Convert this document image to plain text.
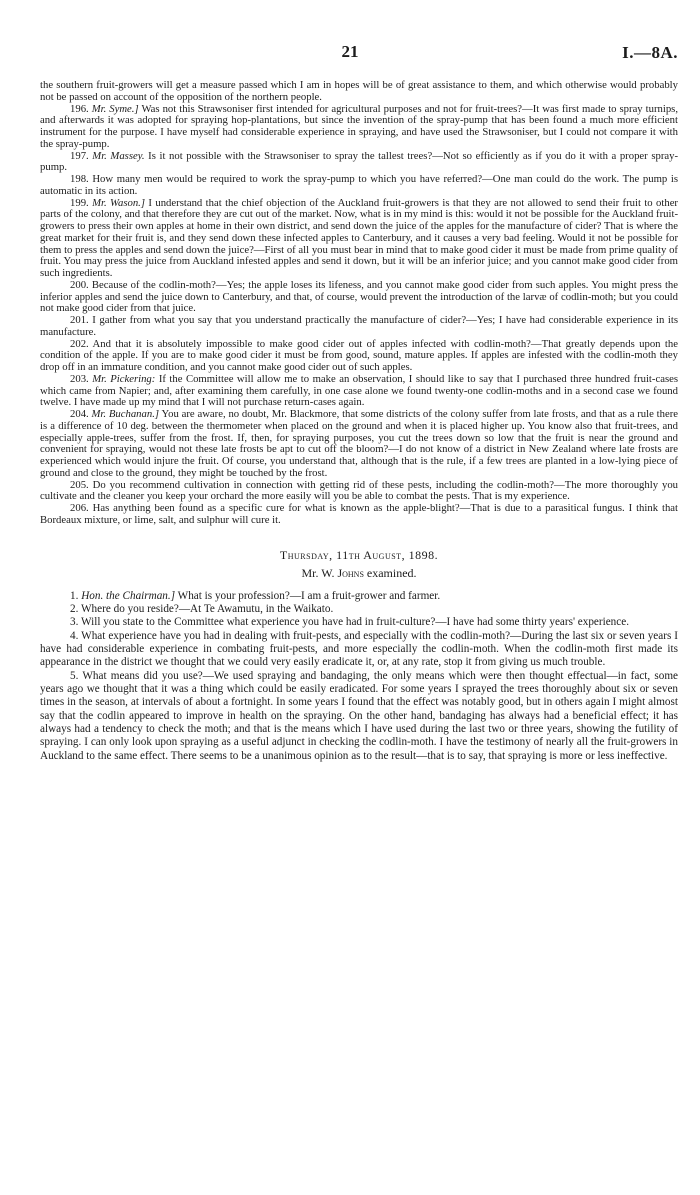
21	I.—8A.

the southern fruit-growers will get a measure passed which I am in hopes will be of great assistance to them, and which otherwise would probably not be passed on account of the opposition of the northern people.

196. Mr. Syme.] Was not this Strawsoniser first intended for agricultural purposes and not for fruit-trees?—It was first made to spray turnips, and afterwards it was adopted for spraying hop-plantations, but since the invention of the spray-pump that has been found a much more efficient instrument for the purpose. I have myself had considerable experience in spraying, and have used the Strawsoniser, but I could not compare it with the spray-pump.

197. Mr. Massey. Is it not possible with the Strawsoniser to spray the tallest trees?—Not so efficiently as if you do it with a proper spray-pump.

198. How many men would be required to work the spray-pump to which you have referred?—One man could do the work. The pump is automatic in its action.

199. Mr. Wason.] I understand that the chief objection of the Auckland fruit-growers is that they are not allowed to send their fruit to other parts of the colony, and that therefore they are cut out of the market. Now, what is in my mind is this: would it not be possible for the Auckland fruit-growers to press their own apples at home in their own district, and send down the juice of the apples for the manufacture of cider? That is where the great market for their fruit is, and they send down these infected apples to Canterbury, and it causes a very bad feeling. Would it not be possible for them to press the apples and send down the juice?—First of all you must bear in mind that to make good cider it must be made from prime quality of fruit. You may press the juice from Auckland infested apples and send it down, but it will be an inferior juice; and you cannot make good cider from such ingredients.

200. Because of the codlin-moth?—Yes; the apple loses its lifeness, and you cannot make good cider from such apples. You might press the inferior apples and send the juice down to Canterbury, and that, of course, would prevent the introduction of the larvæ of codlin-moth; but you could not make good cider from that juice.

201. I gather from what you say that you understand practically the manufacture of cider?—Yes; I have had considerable experience in its manufacture.

202. And that it is absolutely impossible to make good cider out of apples infected with codlin-moth?—That greatly depends upon the condition of the apple. If you are to make good cider it must be from good, sound, mature apples. If apples are infested with the codlin-moth they drop off in an immature condition, and you cannot make good cider out of such apples.

203. Mr. Pickering: If the Committee will allow me to make an observation, I should like to say that I purchased three hundred fruit-cases which came from Napier; and, after examining them carefully, in one case alone we found twenty-one codlin-moths and in a second case we found twelve. I have made up my mind that I will not purchase return-cases again.

204. Mr. Buchanan.] You are aware, no doubt, Mr. Blackmore, that some districts of the colony suffer from late frosts, and that as a rule there is a difference of 10 deg. between the thermometer when placed on the ground and when it is placed higher up. You know also that fruit-trees, and especially apple-trees, suffer from the frost. If, then, for spraying purposes, you cut the trees down so low that the fruit is near the ground and convenient for spraying, would not these late frosts be apt to cut off the bloom?—I do not know of a district in New Zealand where late frosts are experienced which would injure the fruit. Of course, you understand that, although that is the rule, if a few trees are planted in a low-lying piece of ground and close to the ground, they might be touched by the frost.

205. Do you recommend cultivation in connection with getting rid of these pests, including the codlin-moth?—The more thoroughly you cultivate and the cleaner you keep your orchard the more easily will you be able to combat the pests. That is my experience.

206. Has anything been found as a specific cure for what is known as the apple-blight?—That is due to a parasitical fungus. I think that Bordeaux mixture, or lime, salt, and sulphur will cure it.

Thursday, 11th August, 1898.
Mr. W. Johns examined.

1. Hon. the Chairman.] What is your profession?—I am a fruit-grower and farmer.

2. Where do you reside?—At Te Awamutu, in the Waikato.

3. Will you state to the Committee what experience you have had in fruit-culture?—I have had some thirty years' experience.

4. What experience have you had in dealing with fruit-pests, and especially with the codlin-moth?—During the last six or seven years I have had considerable experience in combating fruit-pests, and more especially the codlin-moth. When the codlin-moth first made its appearance in the district we thought that we could very easily eradicate it, or, at any rate, stop it from giving us much trouble.

5. What means did you use?—We used spraying and bandaging, the only means which were then thought effectual—in fact, some years ago we thought that it was a thing which could be easily eradicated. For some years I sprayed the trees thoroughly about six or seven times in the season, at intervals of about a fortnight. In some years I found that the effect was notably good, but in others again I might almost say that the codlin appeared to improve in health on the spraying. On the other hand, bandaging has always had a beneficial effect; it has always had a tendency to check the moth; and that is the means which I have used during the last two or three years, showing the futility of spraying. I can only look upon spraying as a useful adjunct in checking the codlin-moth. I have the testimony of nearly all the fruit-growers in Auckland to the same effect. There seems to be a unanimous opinion as to the result—that is to say, that spraying is more or less ineffective.
